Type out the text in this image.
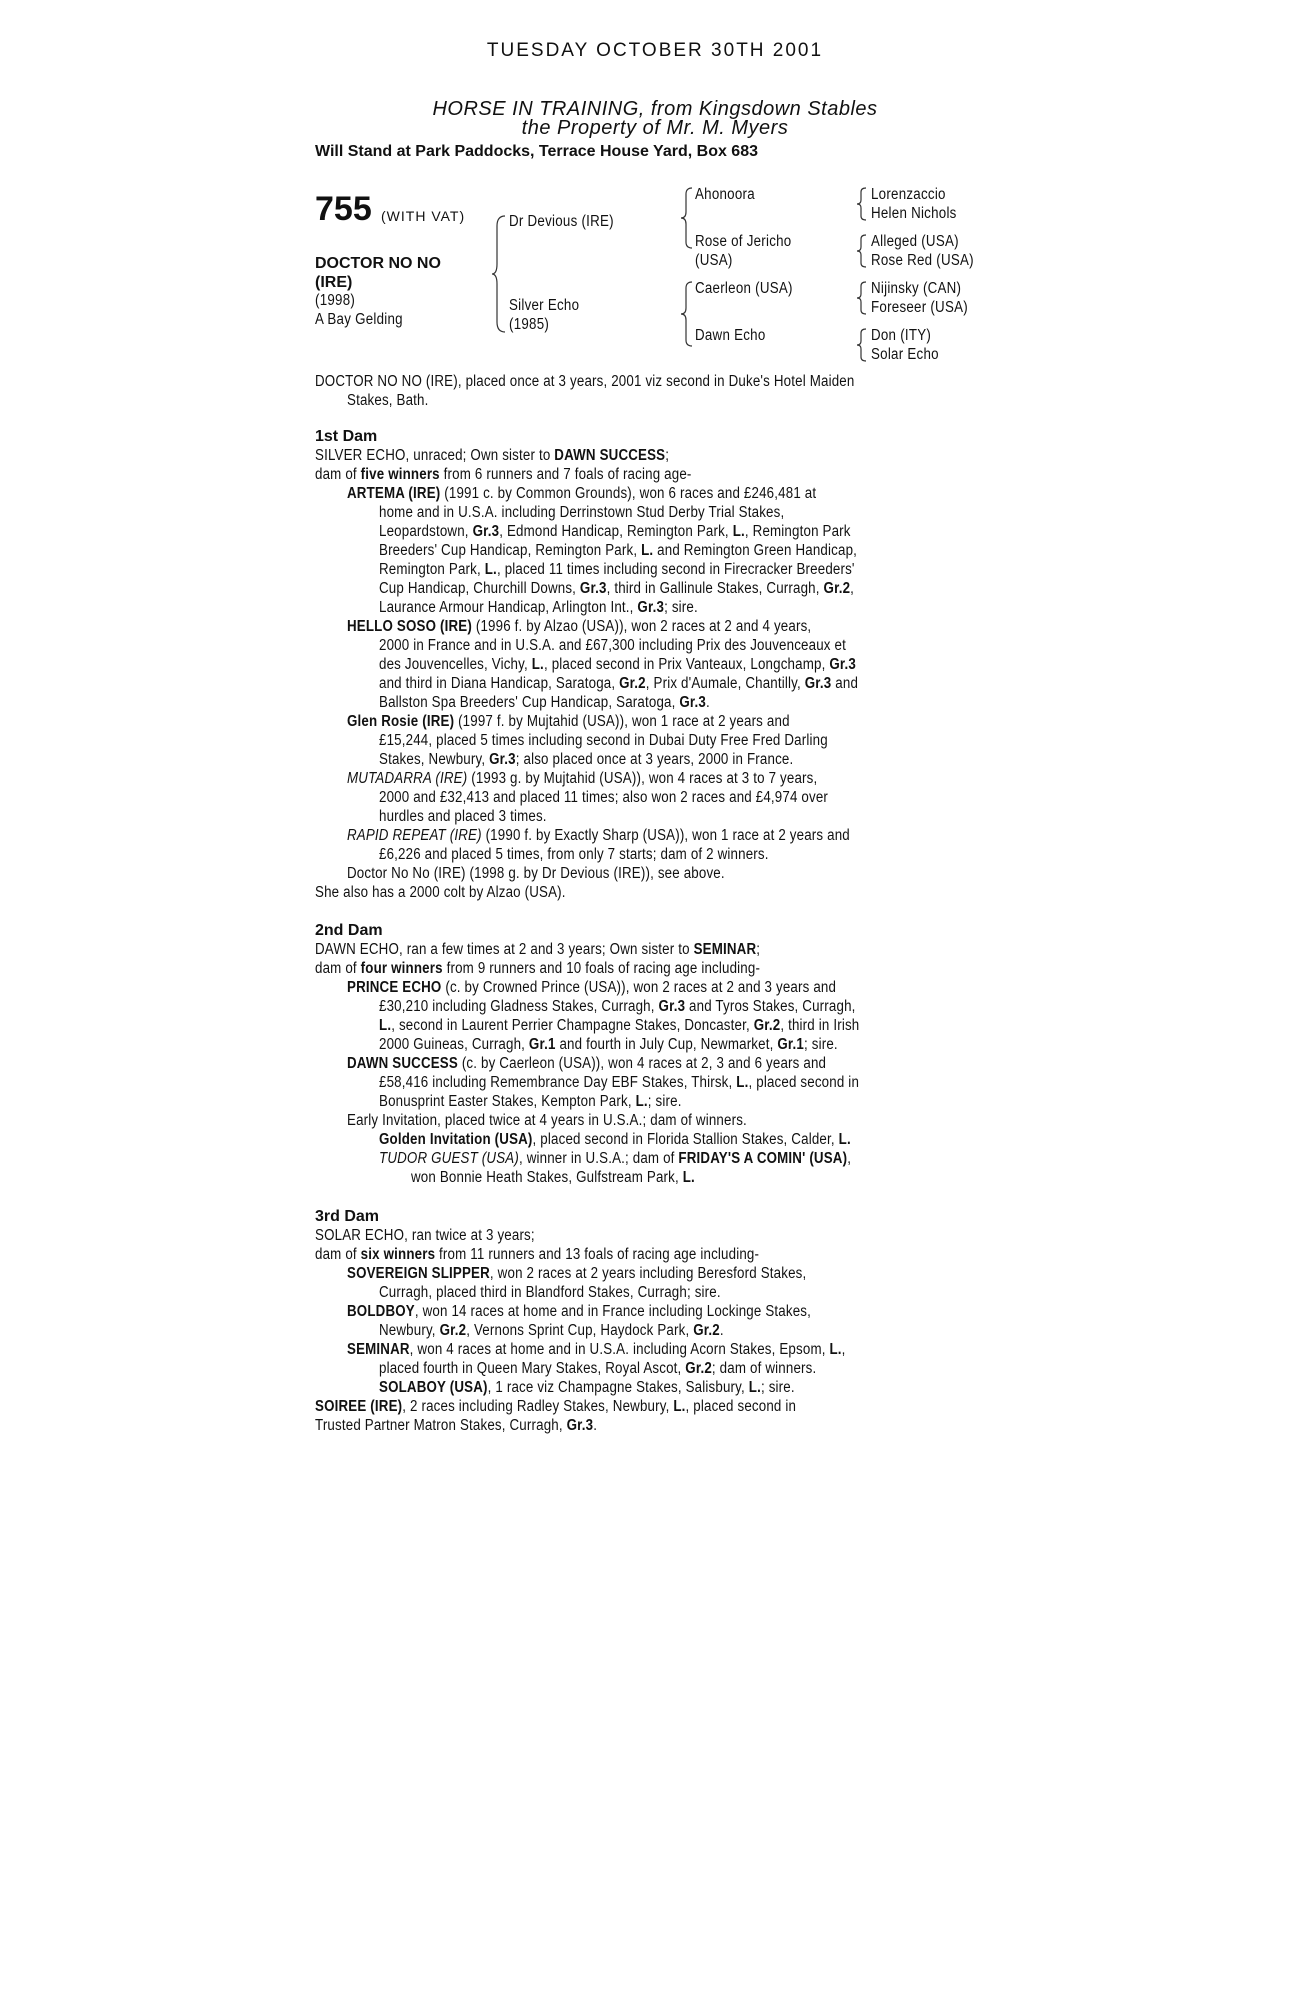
TUESDAY OCTOBER 30TH 2001
HORSE IN TRAINING, from Kingsdown Stables
the Property of Mr. M. Myers
Will Stand at Park Paddocks, Terrace House Yard, Box 683
755 (WITH VAT)
DOCTOR NO NO
(IRE)
(1998)
A Bay Gelding
Dr Devious (IRE)
Silver Echo
(1985)
Ahonoora
Rose of Jericho
(USA)
Caerleon (USA)
Dawn Echo
Lorenzaccio
Helen Nichols
Alleged (USA)
Rose Red (USA)
Nijinsky (CAN)
Foreseer (USA)
Don (ITY)
Solar Echo
DOCTOR NO NO (IRE), placed once at 3 years, 2001 viz second in Duke's Hotel Maiden
Stakes, Bath.
1st Dam
SILVER ECHO, unraced; Own sister to DAWN SUCCESS;
dam of five winners from 6 runners and 7 foals of racing age-
ARTEMA (IRE) (1991 c. by Common Grounds), won 6 races and £246,481 at
home and in U.S.A. including Derrinstown Stud Derby Trial Stakes,
Leopardstown, Gr.3, Edmond Handicap, Remington Park, L., Remington Park
Breeders' Cup Handicap, Remington Park, L. and Remington Green Handicap,
Remington Park, L., placed 11 times including second in Firecracker Breeders'
Cup Handicap, Churchill Downs, Gr.3, third in Gallinule Stakes, Curragh, Gr.2,
Laurance Armour Handicap, Arlington Int., Gr.3; sire.
HELLO SOSO (IRE) (1996 f. by Alzao (USA)), won 2 races at 2 and 4 years,
2000 in France and in U.S.A. and £67,300 including Prix des Jouvenceaux et
des Jouvencelles, Vichy, L., placed second in Prix Vanteaux, Longchamp, Gr.3
and third in Diana Handicap, Saratoga, Gr.2, Prix d'Aumale, Chantilly, Gr.3 and
Ballston Spa Breeders' Cup Handicap, Saratoga, Gr.3.
Glen Rosie (IRE) (1997 f. by Mujtahid (USA)), won 1 race at 2 years and
£15,244, placed 5 times including second in Dubai Duty Free Fred Darling
Stakes, Newbury, Gr.3; also placed once at 3 years, 2000 in France.
MUTADARRA (IRE) (1993 g. by Mujtahid (USA)), won 4 races at 3 to 7 years,
2000 and £32,413 and placed 11 times; also won 2 races and £4,974 over
hurdles and placed 3 times.
RAPID REPEAT (IRE) (1990 f. by Exactly Sharp (USA)), won 1 race at 2 years and
£6,226 and placed 5 times, from only 7 starts; dam of 2 winners.
Doctor No No (IRE) (1998 g. by Dr Devious (IRE)), see above.
She also has a 2000 colt by Alzao (USA).
2nd Dam
DAWN ECHO, ran a few times at 2 and 3 years; Own sister to SEMINAR;
dam of four winners from 9 runners and 10 foals of racing age including-
PRINCE ECHO (c. by Crowned Prince (USA)), won 2 races at 2 and 3 years and
£30,210 including Gladness Stakes, Curragh, Gr.3 and Tyros Stakes, Curragh,
L., second in Laurent Perrier Champagne Stakes, Doncaster, Gr.2, third in Irish
2000 Guineas, Curragh, Gr.1 and fourth in July Cup, Newmarket, Gr.1; sire.
DAWN SUCCESS (c. by Caerleon (USA)), won 4 races at 2, 3 and 6 years and
£58,416 including Remembrance Day EBF Stakes, Thirsk, L., placed second in
Bonusprint Easter Stakes, Kempton Park, L.; sire.
Early Invitation, placed twice at 4 years in U.S.A.; dam of winners.
Golden Invitation (USA), placed second in Florida Stallion Stakes, Calder, L.
TUDOR GUEST (USA), winner in U.S.A.; dam of FRIDAY'S A COMIN' (USA),
won Bonnie Heath Stakes, Gulfstream Park, L.
3rd Dam
SOLAR ECHO, ran twice at 3 years;
dam of six winners from 11 runners and 13 foals of racing age including-
SOVEREIGN SLIPPER, won 2 races at 2 years including Beresford Stakes,
Curragh, placed third in Blandford Stakes, Curragh; sire.
BOLDBOY, won 14 races at home and in France including Lockinge Stakes,
Newbury, Gr.2, Vernons Sprint Cup, Haydock Park, Gr.2.
SEMINAR, won 4 races at home and in U.S.A. including Acorn Stakes, Epsom, L.,
placed fourth in Queen Mary Stakes, Royal Ascot, Gr.2; dam of winners.
SOLABOY (USA), 1 race viz Champagne Stakes, Salisbury, L.; sire.
SOIREE (IRE), 2 races including Radley Stakes, Newbury, L., placed second in
Trusted Partner Matron Stakes, Curragh, Gr.3.
